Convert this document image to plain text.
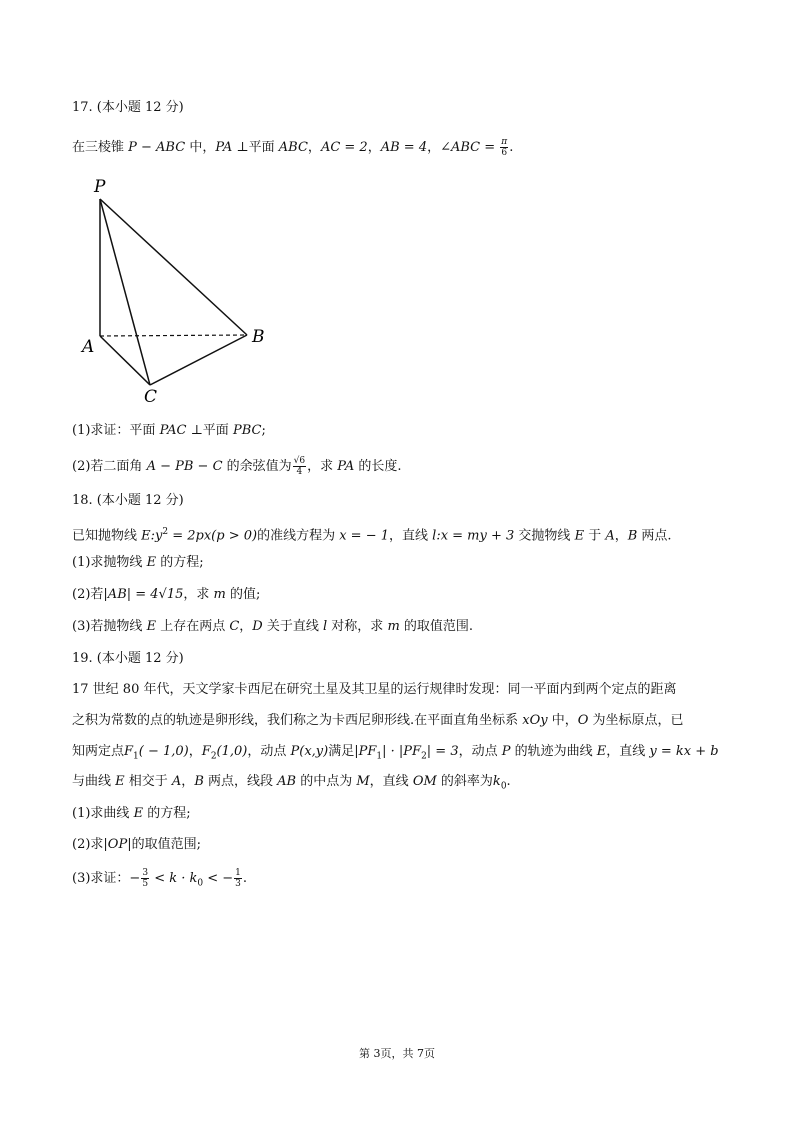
17. (本小题 12 分)
在三棱锥 P − ABC 中，PA ⊥平面 ABC，AC = 2，AB = 4，∠ABC = $\frac{\pi}{6}$ .
P
A	B
C
(1)求证：平面 PAC ⊥平面 PBC;
(2)若二面角 A − PB − C 的余弦值为 $\frac{√6}{4}$ ，求 PA 的长度.
18. (本小题 12 分)
已知抛物线 $E:y^2 = 2px(p > 0)$的准线方程为 x = − 1，直线 l:x = my + 3 交抛物线 E 于 A，B 两点.
(1)求抛物线 E 的方程;
(2)若|AB| = 4√15，求 m 的值;
(3)若抛物线 E 上存在两点 C，D 关于直线 l 对称，求 m 的取值范围.
19. (本小题 12 分)
17 世纪 80 年代，天文学家卡西尼在研究土星及其卫星的运行规律时发现：同一平面内到两个定点的距离
之积为常数的点的轨迹是卵形线，我们称之为卡西尼卵形线.在平面直角坐标系 xOy 中，O 为坐标原点，已
知两定点$F_1( - 1,0)$，$F_2(1,0)$，动点 P(x,y)满足$|PF_1| \cdot |PF_2| = 3$，动点 P 的轨迹为曲线 E，直线 y = kx + b
与曲线 E 相交于 A，B 两点，线段 AB 的中点为 M，直线 OM 的斜率为$k_0$.
(1)求曲线 E 的方程;
(2)求|OP|的取值范围;
(3)求证：− $\frac{3}{5} < k \cdot k_0$ < − $\frac{1}{3}$ .
第 3页，共 7页
